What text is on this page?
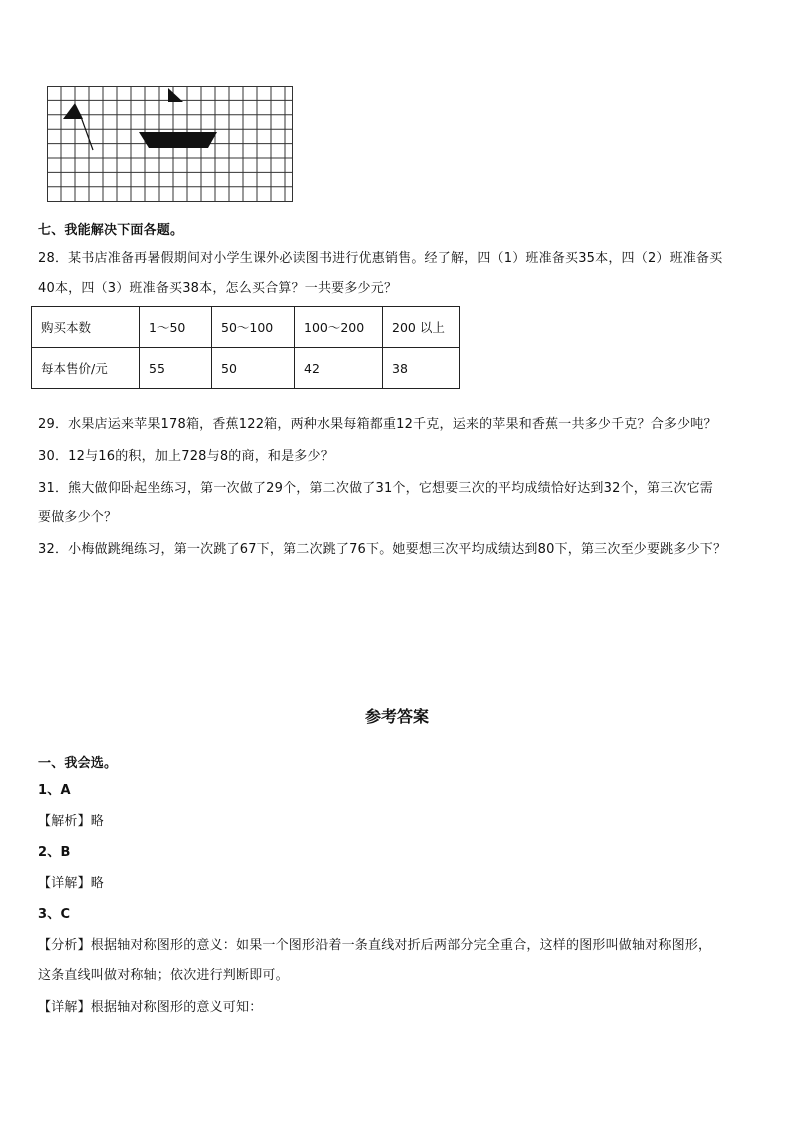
七、我能解决下面各题。
28．某书店准备再暑假期间对小学生课外必读图书进行优惠销售。经了解，四（1）班准备买35本，四（2）班准备买
40本，四（3）班准备买38本，怎么买合算？一共要多少元？
购买本数	1～50	50～100	100～200	200 以上
每本售价/元	55	50	42	38
29．水果店运来苹果178箱，香蕉122箱，两种水果每箱都重12千克，运来的苹果和香蕉一共多少千克？合多少吨？
30．12与16的积，加上728与8的商，和是多少？
31．熊大做仰卧起坐练习，第一次做了29个，第二次做了31个，它想要三次的平均成绩恰好达到32个，第三次它需
要做多少个？
32．小梅做跳绳练习，第一次跳了67下，第二次跳了76下。她要想三次平均成绩达到80下，第三次至少要跳多少下？
参考答案
一、我会选。
1、A
【解析】略
2、B
【详解】略
3、C
【分析】根据轴对称图形的意义：如果一个图形沿着一条直线对折后两部分完全重合，这样的图形叫做轴对称图形，
这条直线叫做对称轴；依次进行判断即可。
【详解】根据轴对称图形的意义可知：
